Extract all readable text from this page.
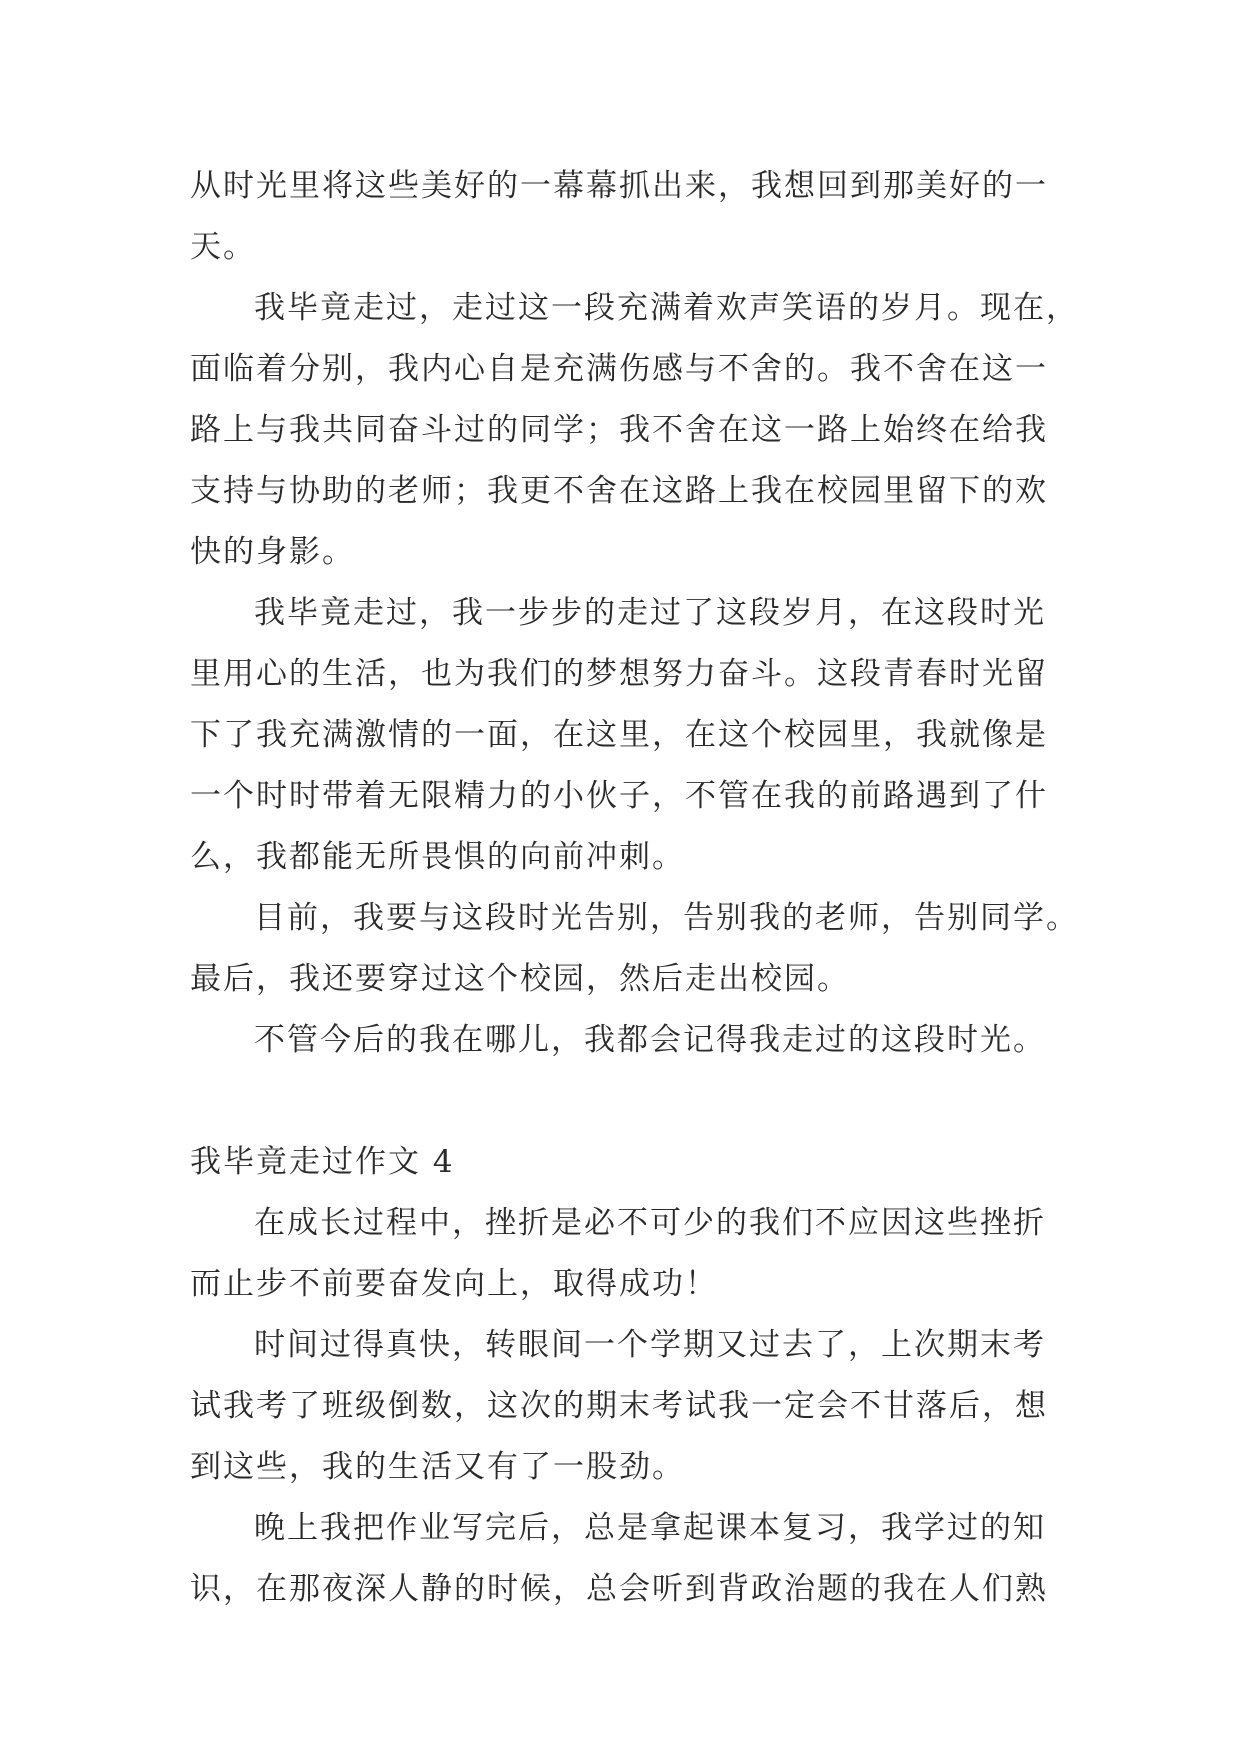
从时光里将这些美好的一幕幕抓出来，我想回到那美好的一
天。
我毕竟走过，走过这一段充满着欢声笑语的岁月。现在，
面临着分别，我内心自是充满伤感与不舍的。我不舍在这一
路上与我共同奋斗过的同学；我不舍在这一路上始终在给我
支持与协助的老师；我更不舍在这路上我在校园里留下的欢
快的身影。
我毕竟走过，我一步步的走过了这段岁月，在这段时光
里用心的生活，也为我们的梦想努力奋斗。这段青春时光留
下了我充满激情的一面，在这里，在这个校园里，我就像是
一个时时带着无限精力的小伙子，不管在我的前路遇到了什
么，我都能无所畏惧的向前冲刺。
目前，我要与这段时光告别，告别我的老师，告别同学。
最后，我还要穿过这个校园，然后走出校园。
不管今后的我在哪儿，我都会记得我走过的这段时光。
我毕竟走过作文 4
在成长过程中，挫折是必不可少的我们不应因这些挫折
而止步不前要奋发向上，取得成功！
时间过得真快，转眼间一个学期又过去了，上次期末考
试我考了班级倒数，这次的期末考试我一定会不甘落后，想
到这些，我的生活又有了一股劲。
晚上我把作业写完后，总是拿起课本复习，我学过的知
识，在那夜深人静的时候，总会听到背政治题的我在人们熟
